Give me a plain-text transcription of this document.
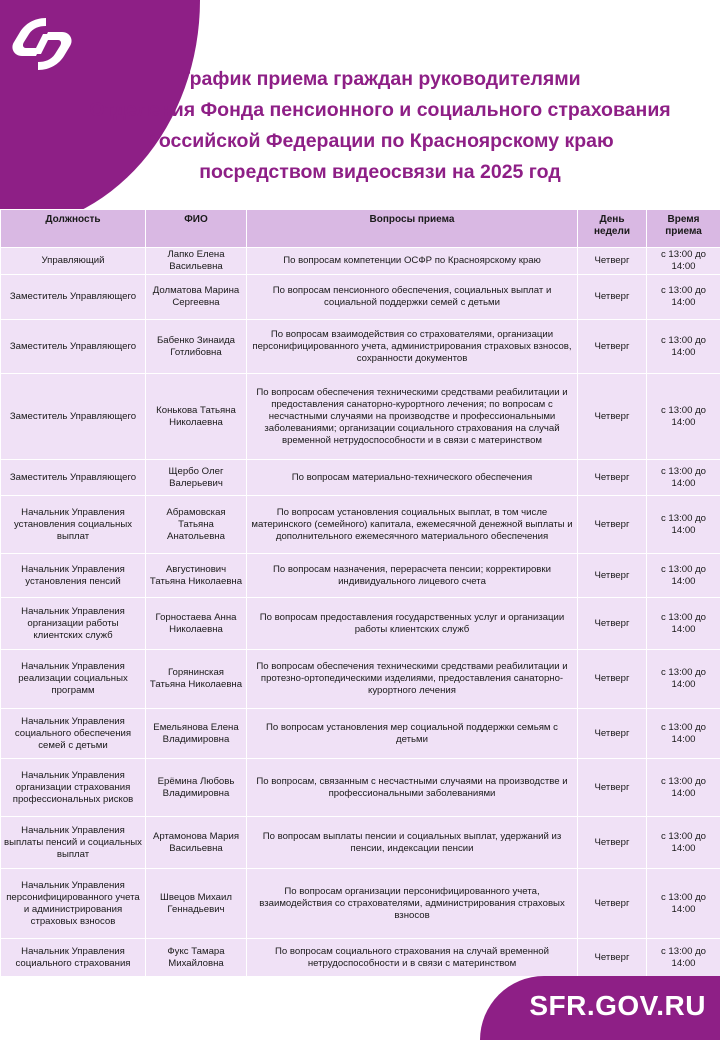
График приема граждан руководителями
Отделения Фонда пенсионного и социального страхования
Российской Федерации по Красноярскому краю
посредством видеосвязи на 2025 год
Должность	ФИО	Вопросы приема	День недели	Время приема
Управляющий	Лапко Елена Васильевна	По вопросам компетенции ОСФР по Красноярскому краю	Четверг	с 13:00 до 14:00
Заместитель Управляющего	Долматова Марина Сергеевна	По вопросам пенсионного обеспечения, социальных выплат и социальной поддержки семей с детьми	Четверг	с 13:00 до 14:00
Заместитель Управляющего	Бабенко Зинаида Готлибовна	По вопросам взаимодействия со страхователями, организации персонифицированного учета, администрирования страховых взносов, сохранности документов	Четверг	с 13:00 до 14:00
Заместитель Управляющего	Конькова Татьяна Николаевна	По вопросам обеспечения техническими средствами реабилитации и предоставления санаторно-курортного лечения; по вопросам с несчастными случаями на производстве и профессиональными заболеваниями; организации социального страхования на случай временной нетрудоспособности и в связи с материнством	Четверг	с 13:00 до 14:00
Заместитель Управляющего	Щербо Олег Валерьевич	По вопросам материально-технического обеспечения	Четверг	с 13:00 до 14:00
Начальник Управления установления социальных выплат	Абрамовская Татьяна Анатольевна	По вопросам установления социальных выплат, в том числе материнского (семейного) капитала, ежемесячной денежной выплаты и дополнительного ежемесячного материального обеспечения	Четверг	с 13:00 до 14:00
Начальник Управления установления пенсий	Августинович Татьяна Николаевна	По вопросам назначения, перерасчета пенсии; корректировки индивидуального лицевого счета	Четверг	с 13:00 до 14:00
Начальник Управления организации работы клиентских служб	Горностаева Анна Николаевна	По вопросам предоставления государственных услуг и организации работы клиентских служб	Четверг	с 13:00 до 14:00
Начальник Управления реализации социальных программ	Горянинская Татьяна Николаевна	По вопросам обеспечения техническими средствами реабилитации и протезно-ортопедическими изделиями, предоставления санаторно-курортного лечения	Четверг	с 13:00 до 14:00
Начальник Управления социального обеспечения семей с детьми	Емельянова Елена Владимировна	По вопросам установления мер социальной поддержки семьям с детьми	Четверг	с 13:00 до 14:00
Начальник Управления организации страхования профессиональных рисков	Ерёмина Любовь Владимировна	По вопросам, связанным с несчастными случаями на производстве и профессиональными заболеваниями	Четверг	с 13:00 до 14:00
Начальник Управления выплаты пенсий и социальных выплат	Артамонова Мария Васильевна	По вопросам выплаты пенсии и социальных выплат, удержаний из пенсии, индексации пенсии	Четверг	с 13:00 до 14:00
Начальник Управления персонифицированного учета и администрирования страховых взносов	Швецов Михаил Геннадьевич	По вопросам организации персонифицированного учета, взаимодействия со страхователями, администрирования страховых взносов	Четверг	с 13:00 до 14:00
Начальник Управления социального страхования	Фукс Тамара Михайловна	По вопросам социального страхования на случай временной нетрудоспособности и в связи с материнством	Четверг	с 13:00 до 14:00
SFR.GOV.RU
